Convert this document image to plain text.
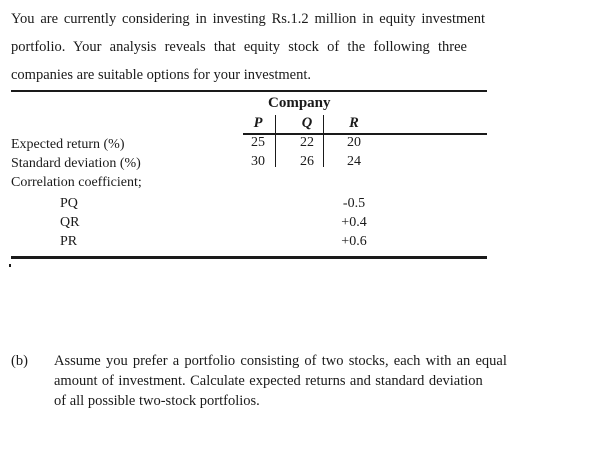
You are currently considering in investing Rs.1.2 million in equity investment
portfolio. Your analysis reveals that equity stock of the following three
companies are suitable options for your investment.
Company
P	Q	R
Expected return (%)	25	22	20
Standard deviation (%)	30	26	24
Correlation coefficient;
PQ	-0.5
QR	+0.4
PR	+0.6
(b) Assume you prefer a portfolio consisting of two stocks, each with an equal
amount of investment. Calculate expected returns and standard deviation
of all possible two-stock portfolios.
